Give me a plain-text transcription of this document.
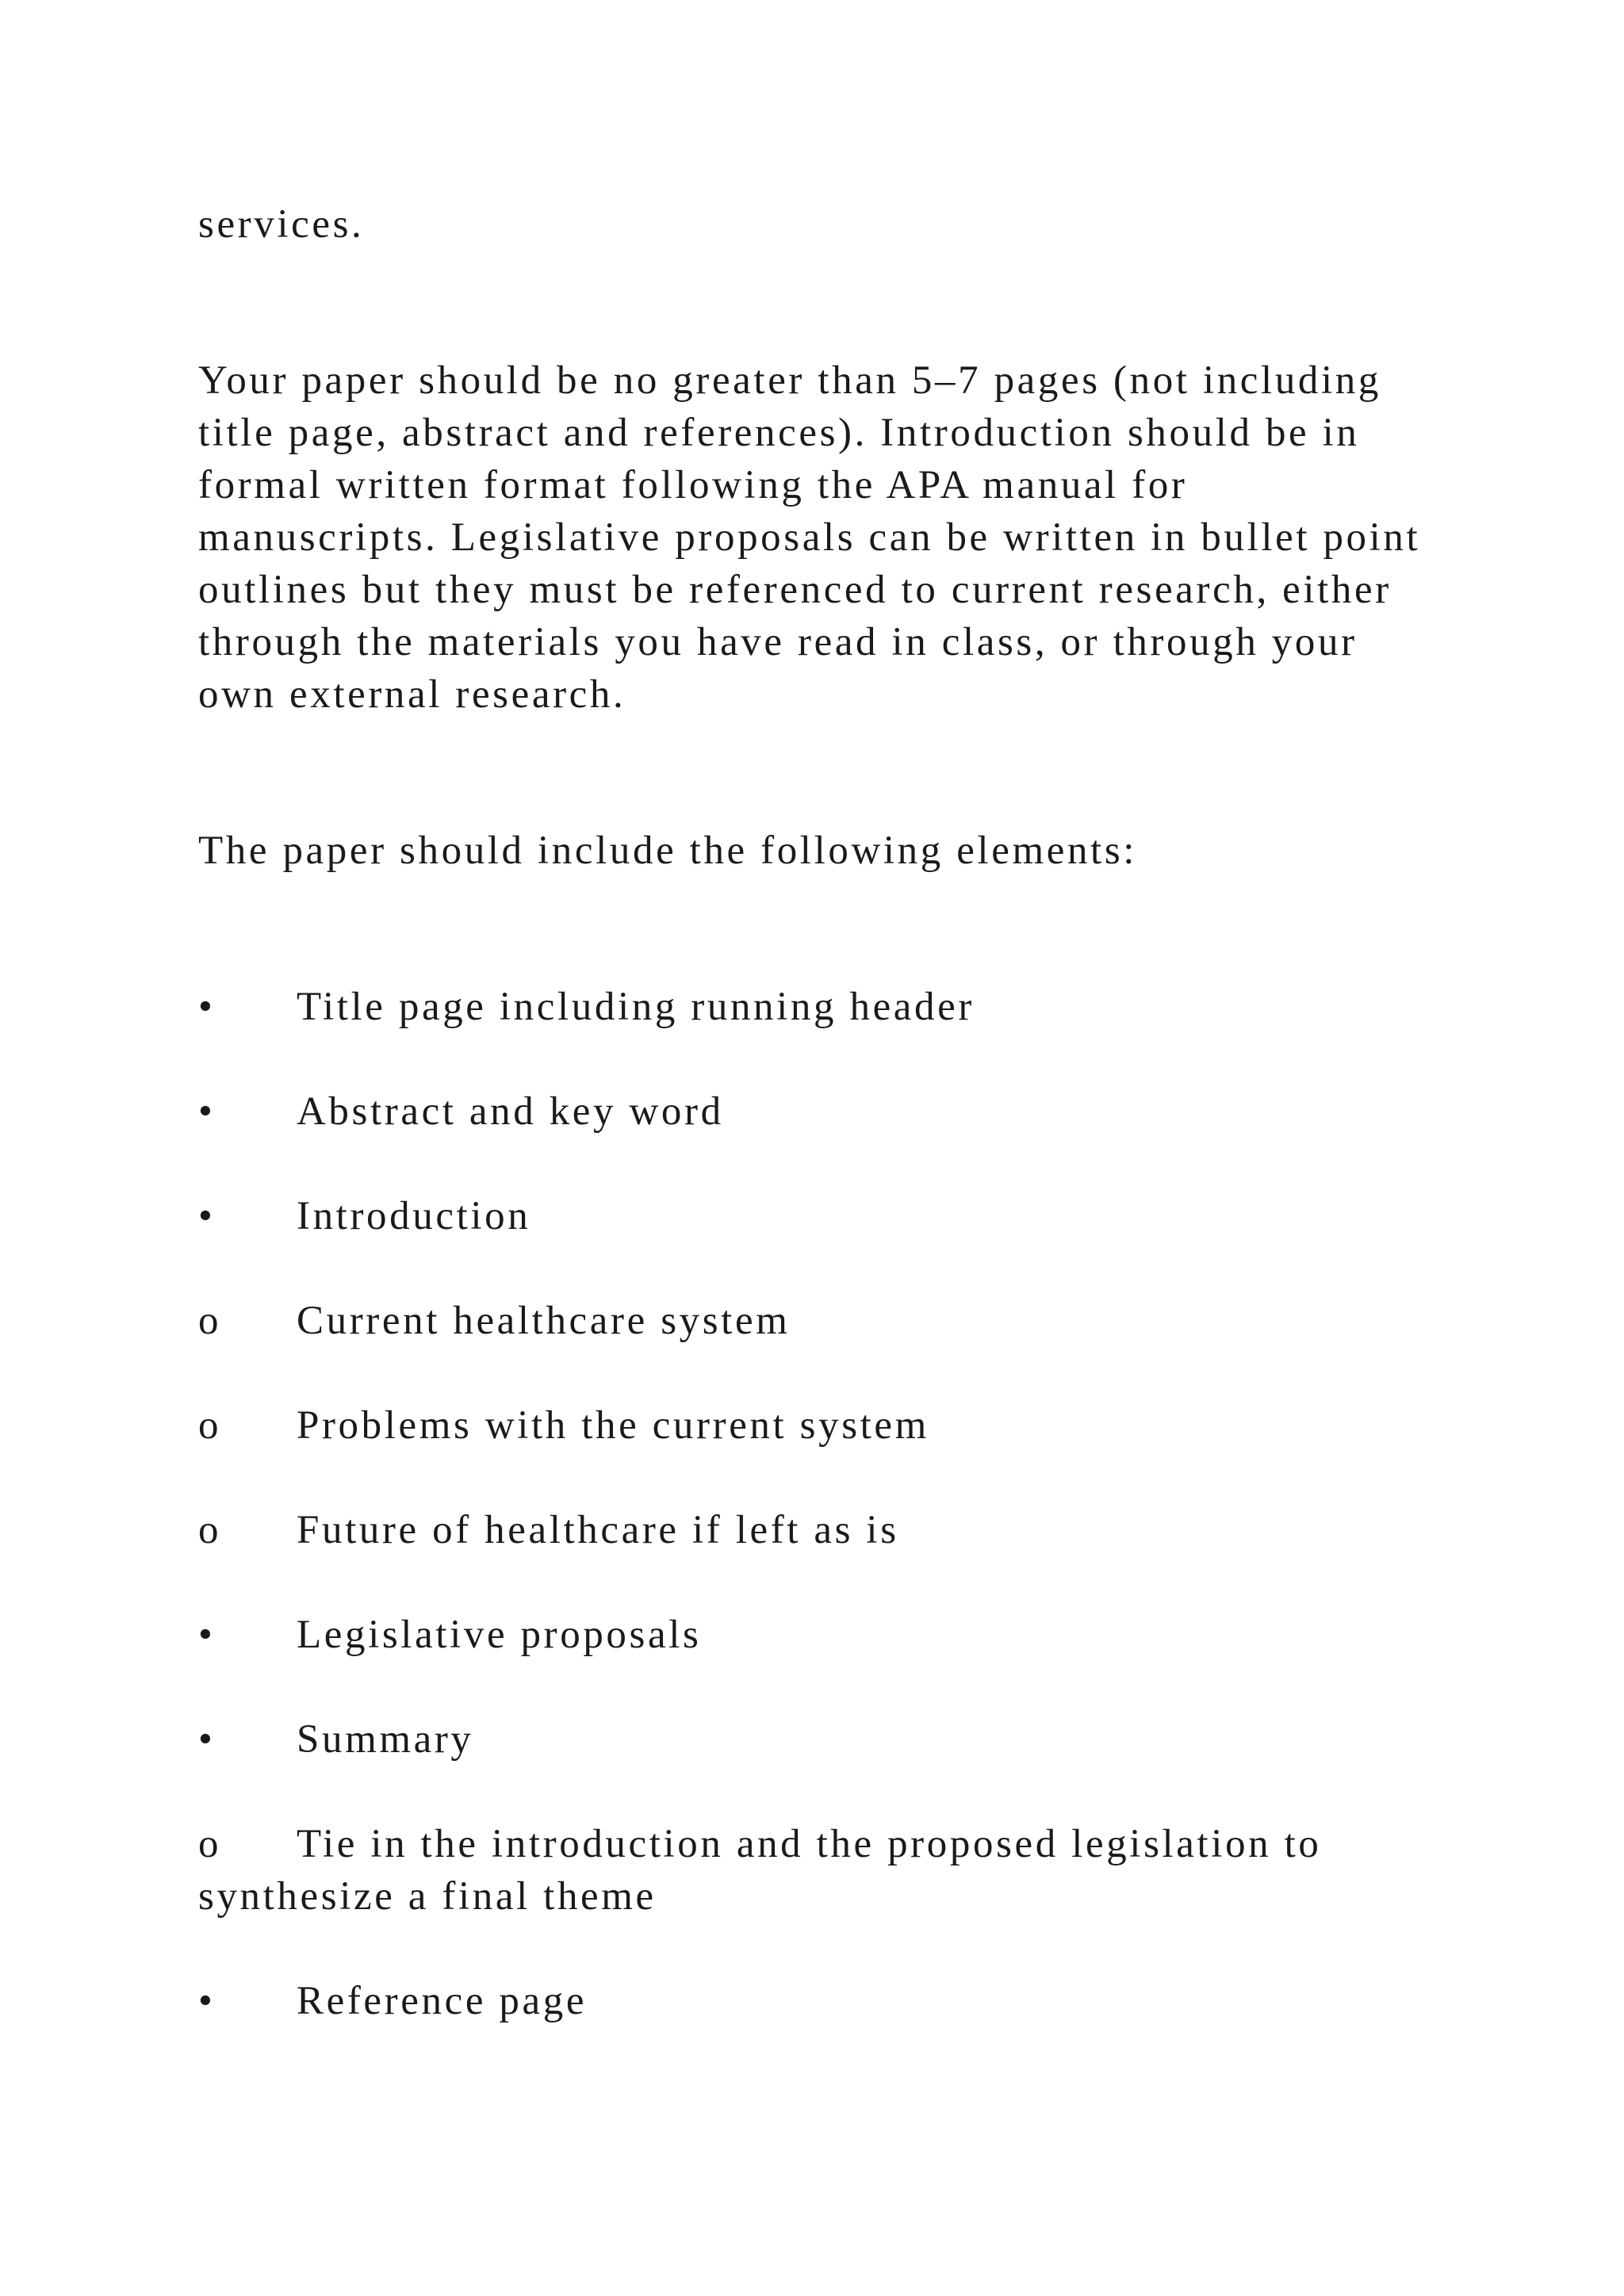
services.
Your paper should be no greater than 5–7 pages (not including
title page, abstract and references). Introduction should be in
formal written format following the APA manual for
manuscripts. Legislative proposals can be written in bullet point
outlines but they must be referenced to current research, either
through the materials you have read in class, or through your
own external research.
The paper should include the following elements:
• Title page including running header
• Abstract and key word
• Introduction
o Current healthcare system
o Problems with the current system
o Future of healthcare if left as is
• Legislative proposals
• Summary
o Tie in the introduction and the proposed legislation to
synthesize a final theme
• Reference page
